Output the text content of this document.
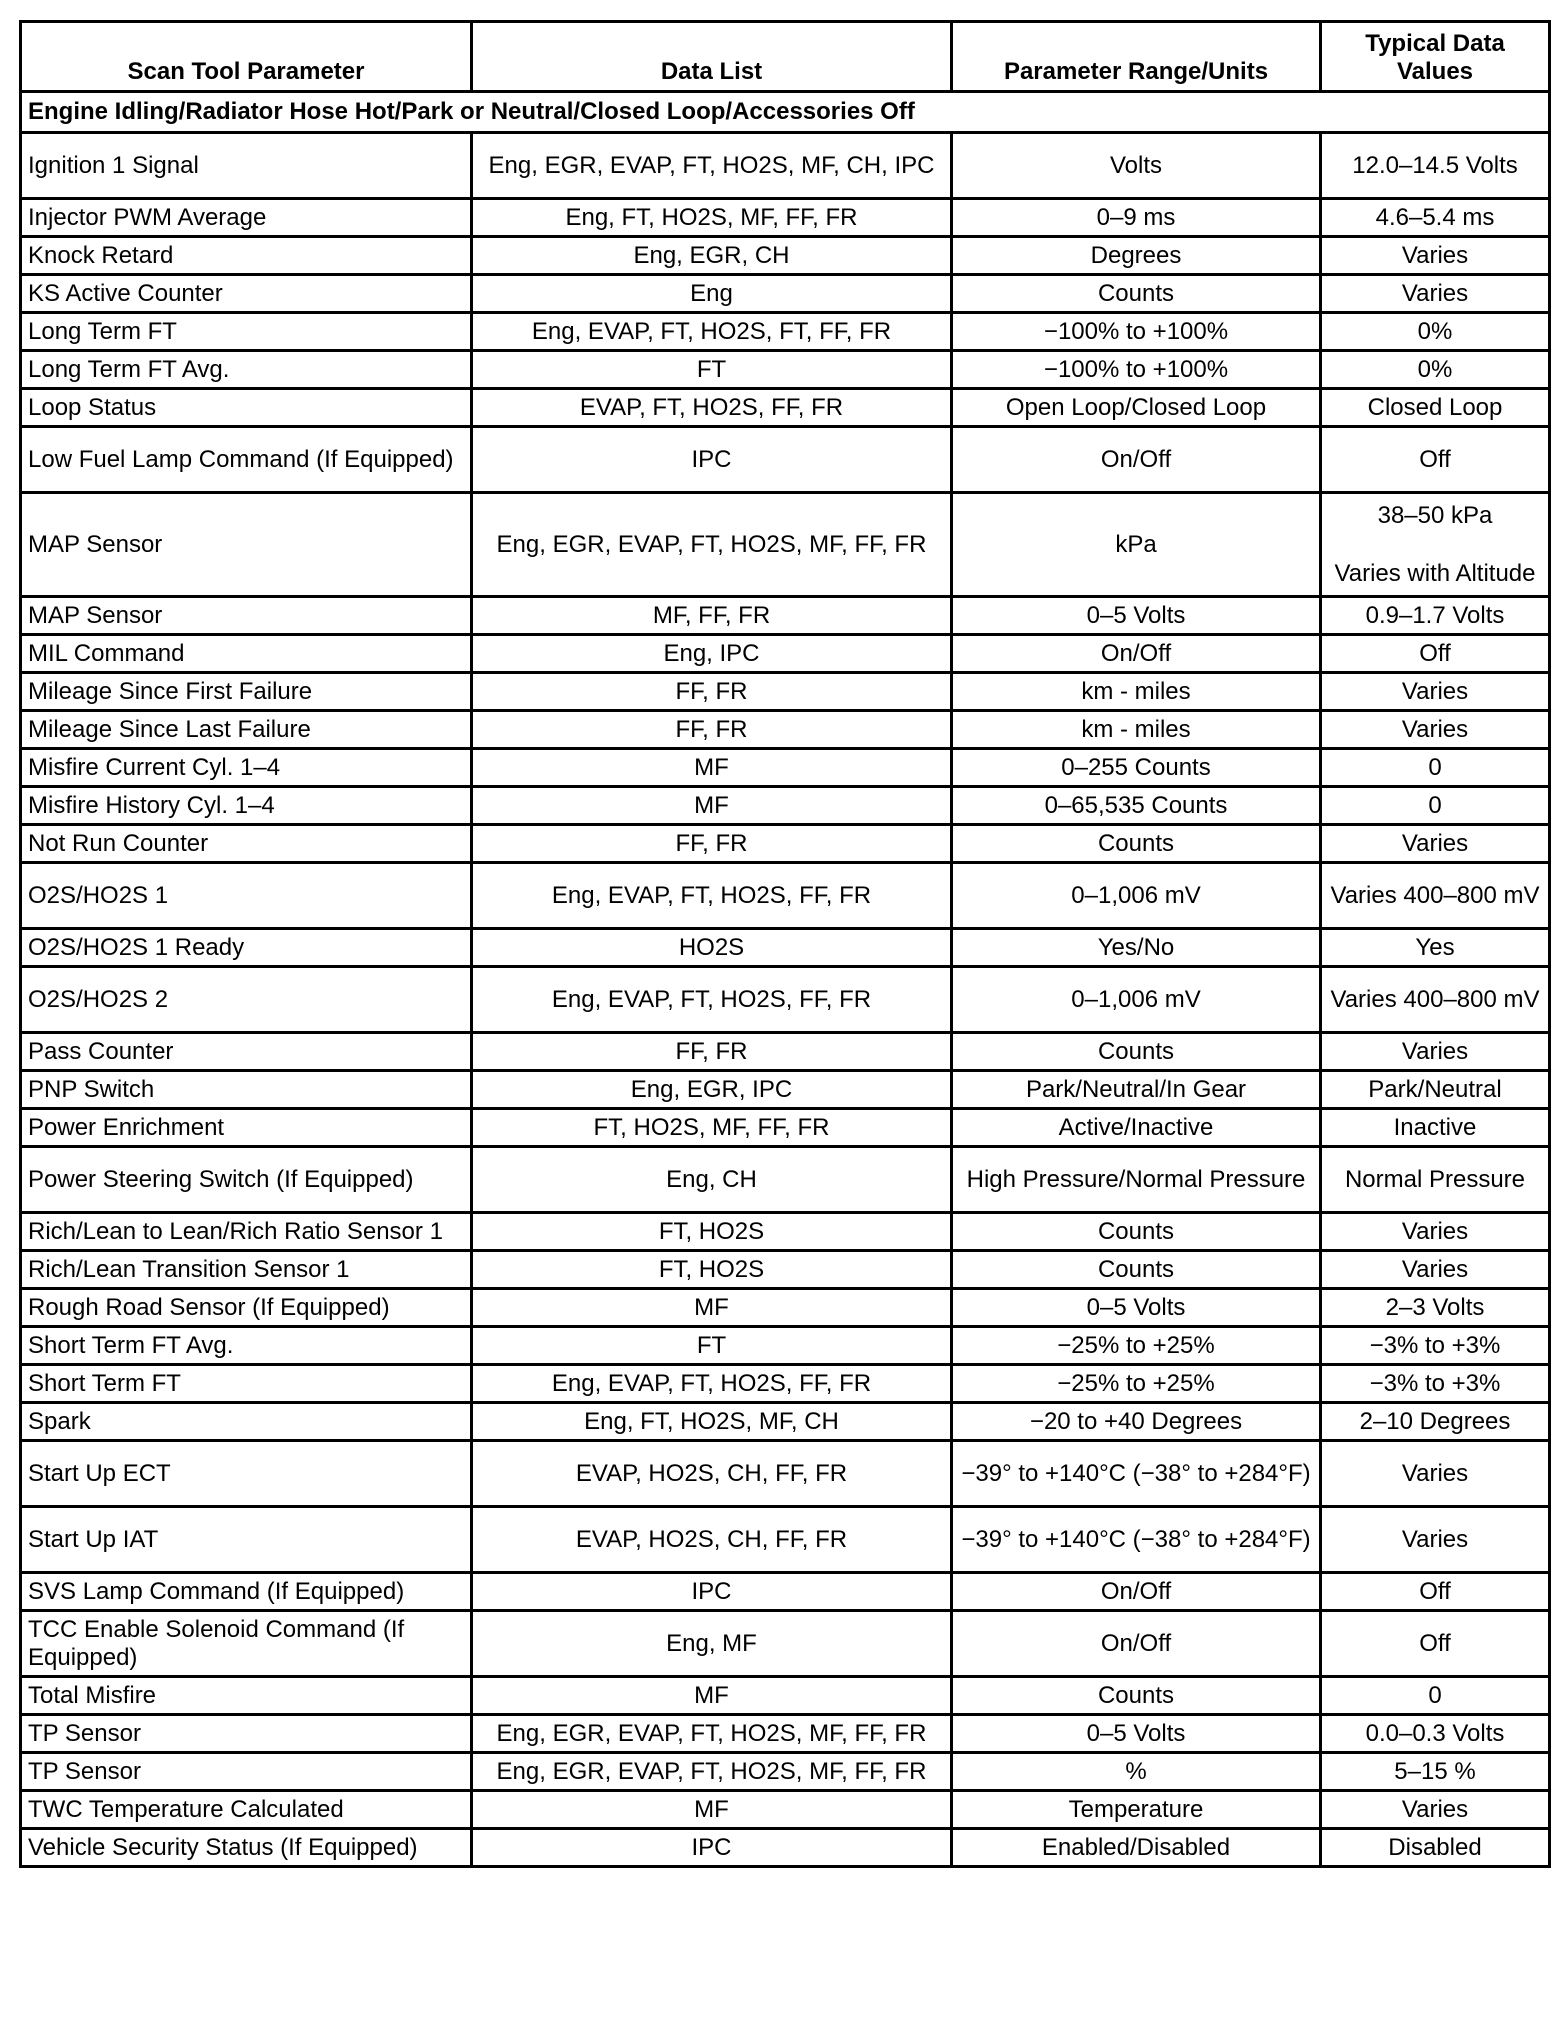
Scan Tool Parameter	Data List	Parameter Range/Units	Typical Data Values
Engine Idling/Radiator Hose Hot/Park or Neutral/Closed Loop/Accessories Off			
Ignition 1 Signal	Eng, EGR, EVAP, FT, HO2S, MF, CH, IPC	Volts	12.0–14.5 Volts
Injector PWM Average	Eng, FT, HO2S, MF, FF, FR	0–9 ms	4.6–5.4 ms
Knock Retard	Eng, EGR, CH	Degrees	Varies
KS Active Counter	Eng	Counts	Varies
Long Term FT	Eng, EVAP, FT, HO2S, FT, FF, FR	−100% to +100%	0%
Long Term FT Avg.	FT	−100% to +100%	0%
Loop Status	EVAP, FT, HO2S, FF, FR	Open Loop/Closed Loop	Closed Loop
Low Fuel Lamp Command (If Equipped)	IPC	On/Off	Off
MAP Sensor	Eng, EGR, EVAP, FT, HO2S, MF, FF, FR	kPa	38–50 kPa
Varies with Altitude
MAP Sensor	MF, FF, FR	0–5 Volts	0.9–1.7 Volts
MIL Command	Eng, IPC	On/Off	Off
Mileage Since First Failure	FF, FR	km - miles	Varies
Mileage Since Last Failure	FF, FR	km - miles	Varies
Misfire Current Cyl. 1–4	MF	0–255 Counts	0
Misfire History Cyl. 1–4	MF	0–65,535 Counts	0
Not Run Counter	FF, FR	Counts	Varies
O2S/HO2S 1	Eng, EVAP, FT, HO2S, FF, FR	0–1,006 mV	Varies 400–800 mV
O2S/HO2S 1 Ready	HO2S	Yes/No	Yes
O2S/HO2S 2	Eng, EVAP, FT, HO2S, FF, FR	0–1,006 mV	Varies 400–800 mV
Pass Counter	FF, FR	Counts	Varies
PNP Switch	Eng, EGR, IPC	Park/Neutral/In Gear	Park/Neutral
Power Enrichment	FT, HO2S, MF, FF, FR	Active/Inactive	Inactive
Power Steering Switch (If Equipped)	Eng, CH	High Pressure/Normal Pressure	Normal Pressure
Rich/Lean to Lean/Rich Ratio Sensor 1	FT, HO2S	Counts	Varies
Rich/Lean Transition Sensor 1	FT, HO2S	Counts	Varies
Rough Road Sensor (If Equipped)	MF	0–5 Volts	2–3 Volts
Short Term FT Avg.	FT	−25% to +25%	−3% to +3%
Short Term FT	Eng, EVAP, FT, HO2S, FF, FR	−25% to +25%	−3% to +3%
Spark	Eng, FT, HO2S, MF, CH	−20 to +40 Degrees	2–10 Degrees
Start Up ECT	EVAP, HO2S, CH, FF, FR	−39° to +140°C (−38° to +284°F)	Varies
Start Up IAT	EVAP, HO2S, CH, FF, FR	−39° to +140°C (−38° to +284°F)	Varies
SVS Lamp Command (If Equipped)	IPC	On/Off	Off
TCC Enable Solenoid Command (If Equipped)	Eng, MF	On/Off	Off
Total Misfire	MF	Counts	0
TP Sensor	Eng, EGR, EVAP, FT, HO2S, MF, FF, FR	0–5 Volts	0.0–0.3 Volts
TP Sensor	Eng, EGR, EVAP, FT, HO2S, MF, FF, FR	%	5–15 %
TWC Temperature Calculated	MF	Temperature	Varies
Vehicle Security Status (If Equipped)	IPC	Enabled/Disabled	Disabled
